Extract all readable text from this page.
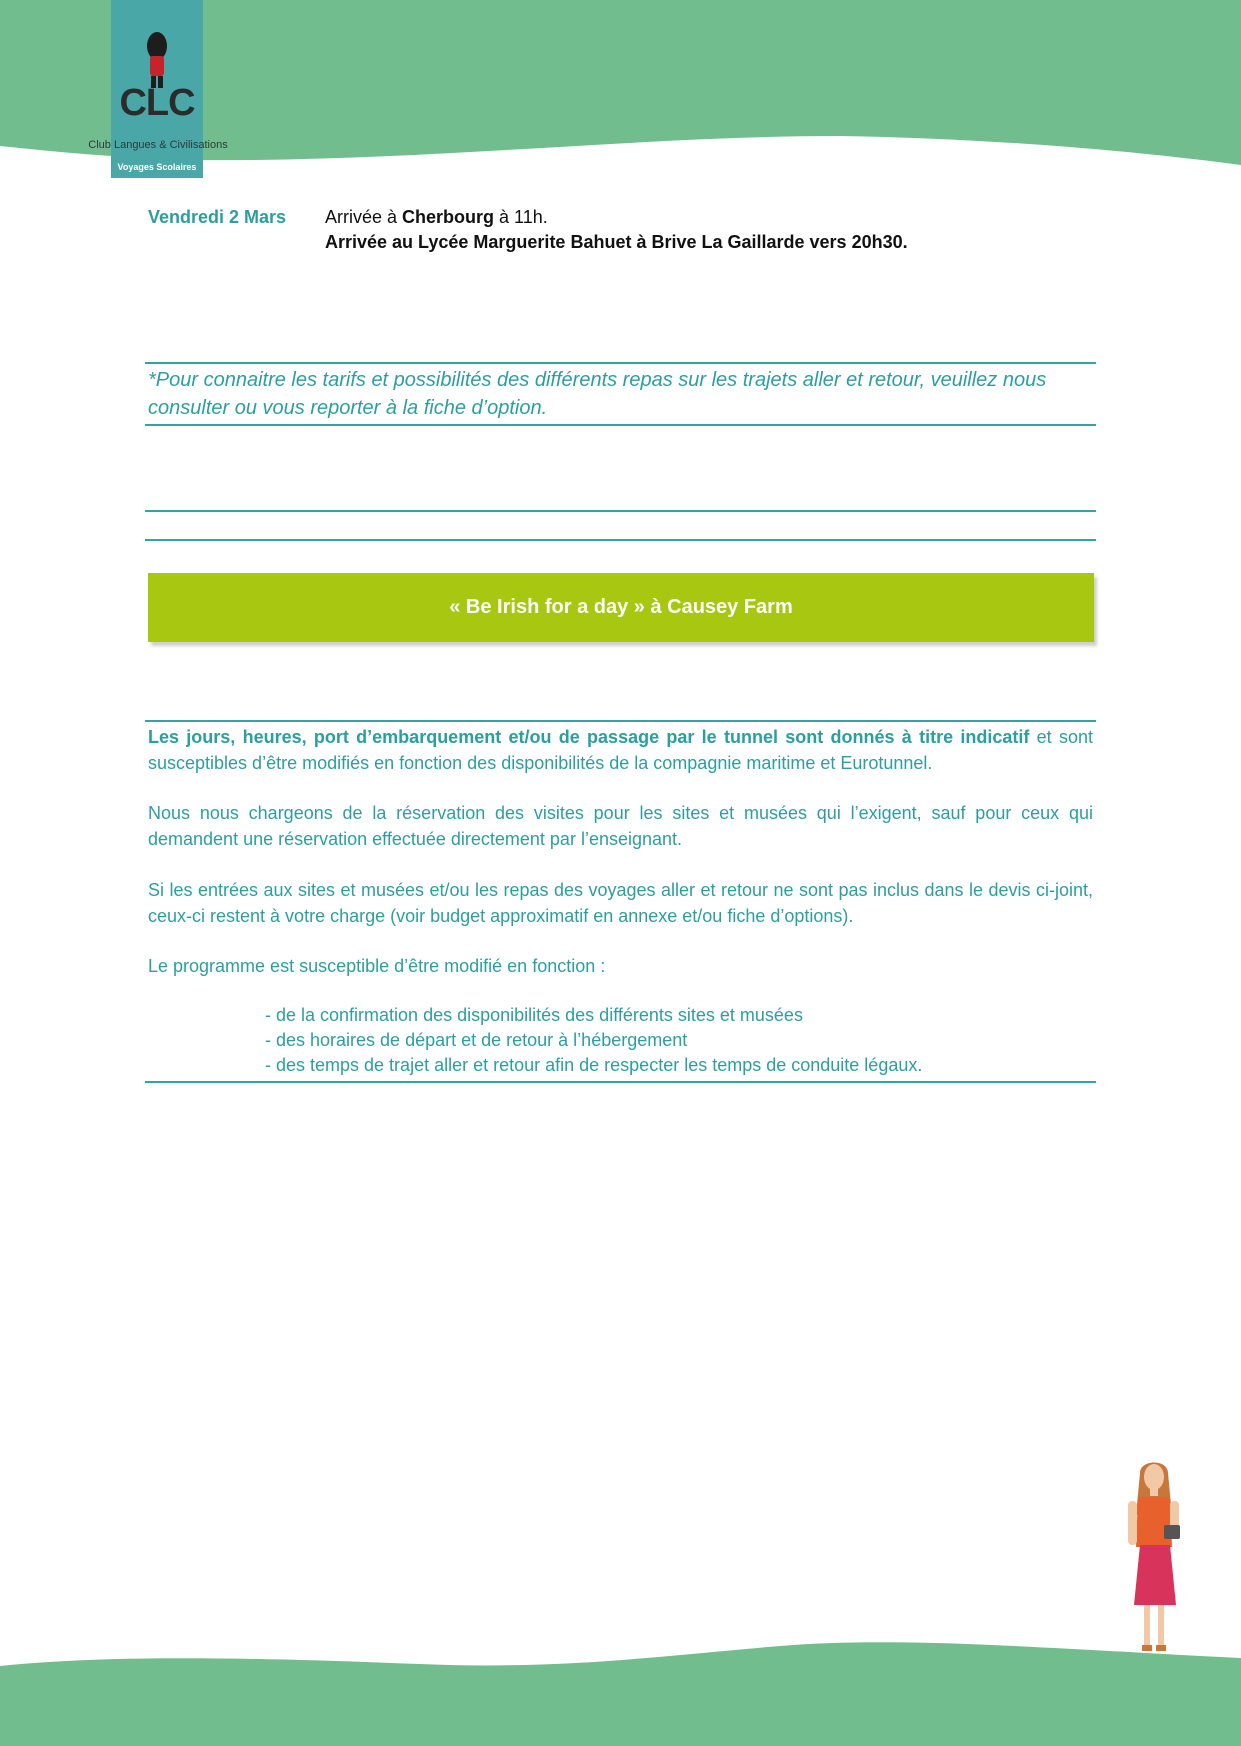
CLC
Club Langues & Civilisations
Voyages Scolaires
Vendredi 2 Mars Arrivée à Cherbourg à 11h.
Arrivée au Lycée Marguerite Bahuet à Brive La Gaillarde vers 20h30.
*Pour connaitre les tarifs et possibilités des différents repas sur les trajets aller et retour, veuillez nous consulter ou vous reporter à la fiche d’option.
« Be Irish for a day » à Causey Farm
Les jours, heures, port d’embarquement et/ou de passage par le tunnel sont donnés à titre indicatif et sont susceptibles d’être modifiés en fonction des disponibilités de la compagnie maritime et Eurotunnel.
Nous nous chargeons de la réservation des visites pour les sites et musées qui l’exigent, sauf pour ceux qui demandent une réservation effectuée directement par l’enseignant.
Si les entrées aux sites et musées et/ou les repas des voyages aller et retour ne sont pas inclus dans le devis ci-joint, ceux-ci restent à votre charge (voir budget approximatif en annexe et/ou fiche d’options).
Le programme est susceptible d’être modifié en fonction :
- de la confirmation des disponibilités des différents sites et musées
- des horaires de départ et de retour à l’hébergement
- des temps de trajet aller et retour afin de respecter les temps de conduite légaux.
